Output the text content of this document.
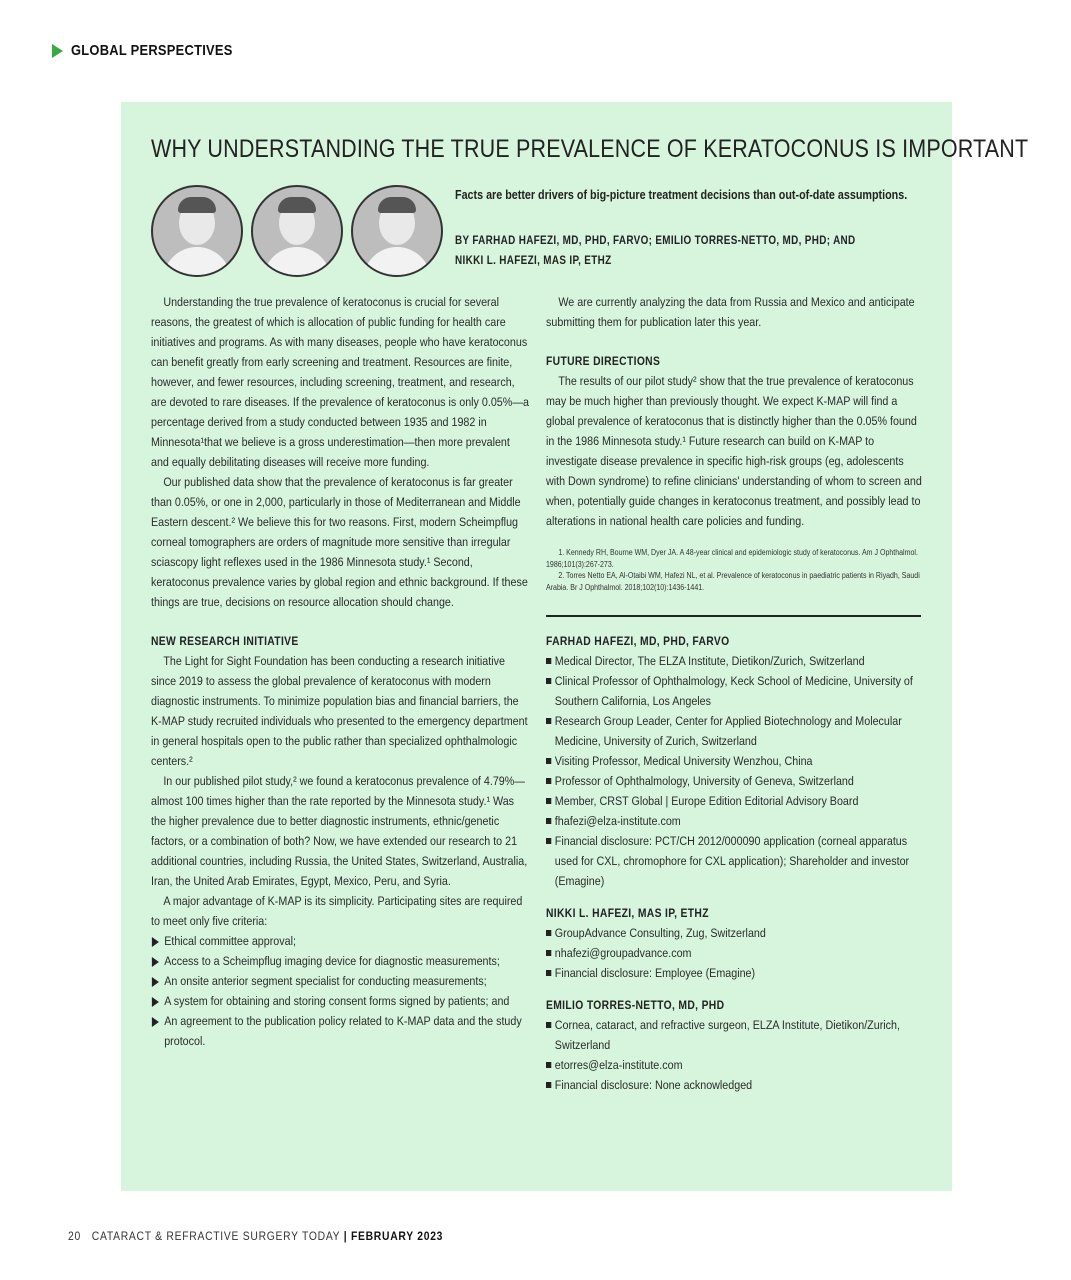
GLOBAL PERSPECTIVES
WHY UNDERSTANDING THE TRUE PREVALENCE OF KERATOCONUS IS IMPORTANT
Facts are better drivers of big-picture treatment decisions than out-of-date assumptions.
BY FARHAD HAFEZI, MD, PHD, FARVO; EMILIO TORRES-NETTO, MD, PHD; AND
NIKKI L. HAFEZI, MAS IP, ETHZ

Understanding the true prevalence of keratoconus is crucial for several reasons, the greatest of which is allocation of public funding for health care initiatives and programs. As with many diseases, people who have keratoconus can benefit greatly from early screening and treatment. Resources are finite, however, and fewer resources, including screening, treatment, and research, are devoted to rare diseases. If the prevalence of keratoconus is only 0.05%—a percentage derived from a study conducted between 1935 and 1982 in Minnesota¹that we believe is a gross underestimation—then more prevalent and equally debilitating diseases will receive more funding.

Our published data show that the prevalence of keratoconus is far greater than 0.05%, or one in 2,000, particularly in those of Mediterranean and Middle Eastern descent.² We believe this for two reasons. First, modern Scheimpflug corneal tomographers are orders of magnitude more sensitive than irregular sciascopy light reflexes used in the 1986 Minnesota study.¹ Second, keratoconus prevalence varies by global region and ethnic background. If these things are true, decisions on resource allocation should change.

NEW RESEARCH INITIATIVE

The Light for Sight Foundation has been conducting a research initiative since 2019 to assess the global prevalence of keratoconus with modern diagnostic instruments. To minimize population bias and financial barriers, the K-MAP study recruited individuals who presented to the emergency department in general hospitals open to the public rather than specialized ophthalmologic centers.²

In our published pilot study,² we found a keratoconus prevalence of 4.79%—almost 100 times higher than the rate reported by the Minnesota study.¹ Was the higher prevalence due to better diagnostic instruments, ethnic/genetic factors, or a combination of both? Now, we have extended our research to 21 additional countries, including Russia, the United States, Switzerland, Australia, Iran, the United Arab Emirates, Egypt, Mexico, Peru, and Syria.

A major advantage of K-MAP is its simplicity. Participating sites are required to meet only five criteria:

Ethical committee approval;
Access to a Scheimpflug imaging device for diagnostic measurements;
An onsite anterior segment specialist for conducting measurements;
A system for obtaining and storing consent forms signed by patients; and
An agreement to the publication policy related to K-MAP data and the study protocol.

We are currently analyzing the data from Russia and Mexico and anticipate submitting them for publication later this year.

FUTURE DIRECTIONS

The results of our pilot study² show that the true prevalence of keratoconus may be much higher than previously thought. We expect K-MAP will find a global prevalence of keratoconus that is distinctly higher than the 0.05% found in the 1986 Minnesota study.¹ Future research can build on K-MAP to investigate disease prevalence in specific high-risk groups (eg, adolescents with Down syndrome) to refine clinicians' understanding of whom to screen and when, potentially guide changes in keratoconus treatment, and possibly lead to alterations in national health care policies and funding.

1. Kennedy RH, Bourne WM, Dyer JA. A 48-year clinical and epidemiologic study of keratoconus. Am J Ophthalmol. 1986;101(3):267-273.

2. Torres Netto EA, Al-Otaibi WM, Hafezi NL, et al. Prevalence of keratoconus in paediatric patients in Riyadh, Saudi Arabia. Br J Ophthalmol. 2018;102(10):1436-1441.

FARHAD HAFEZI, MD, PHD, FARVO
Medical Director, The ELZA Institute, Dietikon/Zurich, Switzerland
Clinical Professor of Ophthalmology, Keck School of Medicine, University of Southern California, Los Angeles
Research Group Leader, Center for Applied Biotechnology and Molecular Medicine, University of Zurich, Switzerland
Visiting Professor, Medical University Wenzhou, China
Professor of Ophthalmology, University of Geneva, Switzerland
Member, CRST Global | Europe Edition Editorial Advisory Board
fhafezi@elza-institute.com
Financial disclosure: PCT/CH 2012/000090 application (corneal apparatus used for CXL, chromophore for CXL application); Shareholder and investor (Emagine)
NIKKI L. HAFEZI, MAS IP, ETHZ
GroupAdvance Consulting, Zug, Switzerland
nhafezi@groupadvance.com
Financial disclosure: Employee (Emagine)
EMILIO TORRES-NETTO, MD, PHD
Cornea, cataract, and refractive surgeon, ELZA Institute, Dietikon/Zurich, Switzerland
etorres@elza-institute.com
Financial disclosure: None acknowledged
20 CATARACT & REFRACTIVE SURGERY TODAY | FEBRUARY 2023
